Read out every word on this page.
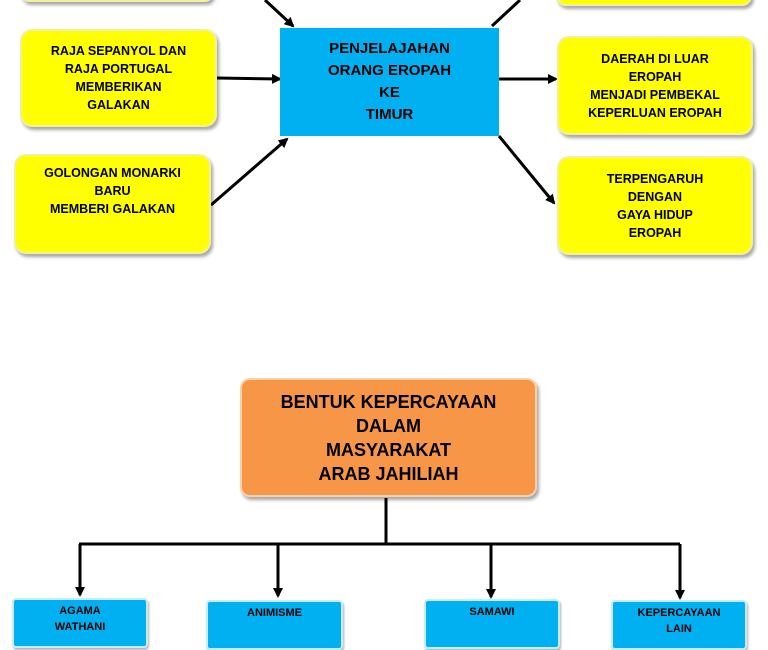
RAJA SEPANYOL DAN
RAJA PORTUGAL
MEMBERIKAN
GALAKAN
GOLONGAN MONARKI
BARU
MEMBERI GALAKAN
PENJELAJAHAN
ORANG EROPAH
KE
TIMUR
DAERAH DI LUAR
EROPAH
MENJADI PEMBEKAL
KEPERLUAN EROPAH
TERPENGARUH
DENGAN
GAYA HIDUP
EROPAH
BENTUK KEPERCAYAAN
DALAM
MASYARAKAT
ARAB JAHILIAH
AGAMA
WATHANI
ANIMISME	SAMAWI	KEPERCAYAAN
LAIN
